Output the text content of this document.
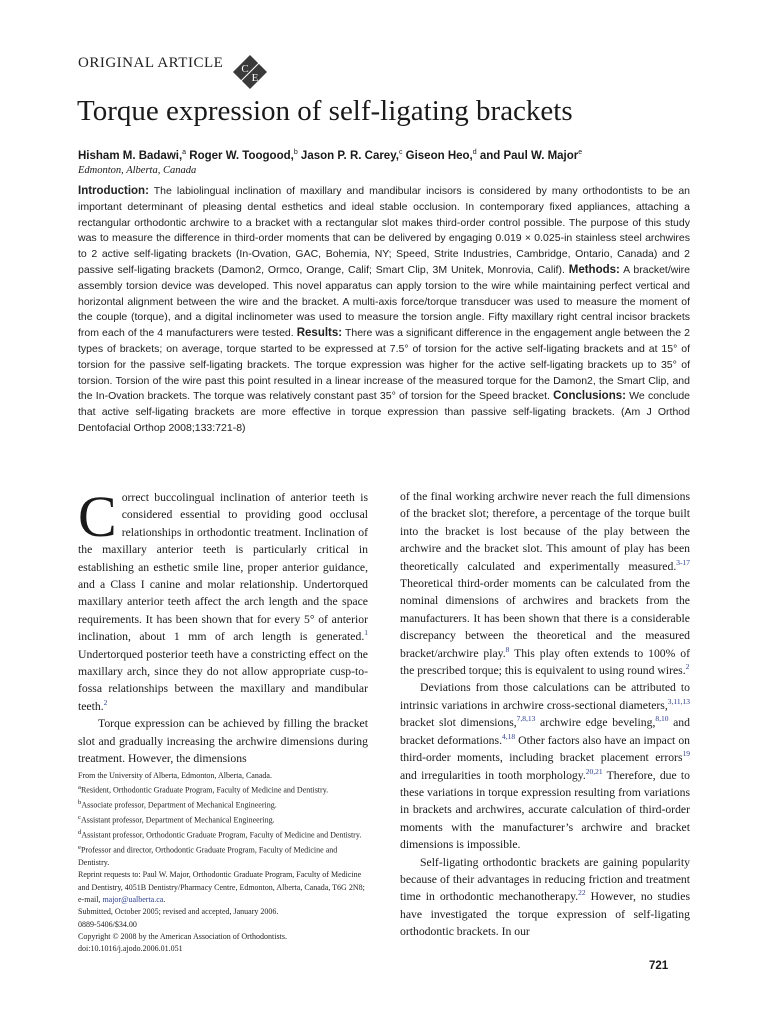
ORIGINAL ARTICLE C
E
Torque expression of self-ligating brackets
Hisham M. Badawi,$^a$ Roger W. Toogood,$^b$ Jason P. R. Carey,$^c$ Giseon Heo,$^d$ and Paul W. Major$^e$
Edmonton, Alberta, Canada

Introduction: The labiolingual inclination of maxillary and mandibular incisors is considered by many orthodontists to be an important determinant of pleasing dental esthetics and ideal stable occlusion. In contemporary fixed appliances, attaching a rectangular orthodontic archwire to a bracket with a rectangular slot makes third-order control possible. The purpose of this study was to measure the difference in third-order moments that can be delivered by engaging 0.019 × 0.025-in stainless steel archwires to 2 active self-ligating brackets (In-Ovation, GAC, Bohemia, NY; Speed, Strite Industries, Cambridge, Ontario, Canada) and 2 passive self-ligating brackets (Damon2, Ormco, Orange, Calif; Smart Clip, 3M Unitek, Monrovia, Calif). Methods: A bracket/wire assembly torsion device was developed. This novel apparatus can apply torsion to the wire while maintaining perfect vertical and horizontal alignment between the wire and the bracket. A multi-axis force/torque transducer was used to measure the moment of the couple (torque), and a digital inclinometer was used to measure the torsion angle. Fifty maxillary right central incisor brackets from each of the 4 manufacturers were tested. Results: There was a significant difference in the engagement angle between the 2 types of brackets; on average, torque started to be expressed at 7.5° of torsion for the active self-ligating brackets and at 15° of torsion for the passive self-ligating brackets. The torque expression was higher for the active self-ligating brackets up to 35° of torsion. Torsion of the wire past this point resulted in a linear increase of the measured torque for the Damon2, the Smart Clip, and the In-Ovation brackets. The torque was relatively constant past 35° of torsion for the Speed bracket. Conclusions: We conclude that active self-ligating brackets are more effective in torque expression than passive self-ligating brackets. (Am J Orthod Dentofacial Orthop 2008;133:721-8)

Correct buccolingual inclination of anterior teeth is considered essential to providing good occlusal relationships in orthodontic treatment. Inclination of the maxillary anterior teeth is particularly critical in establishing an esthetic smile line, proper anterior guidance, and a Class I canine and molar relationship. Undertorqued maxillary anterior teeth affect the arch length and the space requirements. It has been shown that for every 5° of anterior inclination, about 1 mm of arch length is generated.$^1$ Undertorqued posterior teeth have a constricting effect on the maxillary arch, since they do not allow appropriate cusp-to-fossa relationships between the maxillary and mandibular teeth.$^2$

Torque expression can be achieved by filling the bracket slot and gradually increasing the archwire dimensions during treatment. However, the dimensions

From the University of Alberta, Edmonton, Alberta, Canada.
$^a$Resident, Orthodontic Graduate Program, Faculty of Medicine and Dentistry.
$^b$Associate professor, Department of Mechanical Engineering.
$^c$Assistant professor, Department of Mechanical Engineering.
$^d$Assistant professor, Orthodontic Graduate Program, Faculty of Medicine and Dentistry.
$^e$Professor and director, Orthodontic Graduate Program, Faculty of Medicine and Dentistry.
Reprint requests to: Paul W. Major, Orthodontic Graduate Program, Faculty of Medicine and Dentistry, 4051B Dentistry/Pharmacy Centre, Edmonton, Alberta, Canada, T6G 2N8; e-mail, major@ualberta.ca.
Submitted, October 2005; revised and accepted, January 2006.
0889-5406/$34.00
Copyright © 2008 by the American Association of Orthodontists.
doi:10.1016/j.ajodo.2006.01.051

of the final working archwire never reach the full dimensions of the bracket slot; therefore, a percentage of the torque built into the bracket is lost because of the play between the archwire and the bracket slot. This amount of play has been theoretically calculated and experimentally measured.$^{3-17}$ Theoretical third-order moments can be calculated from the nominal dimensions of archwires and brackets from the manufacturers. It has been shown that there is a considerable discrepancy between the theoretical and the measured bracket/archwire play.$^8$ This play often extends to 100% of the prescribed torque; this is equivalent to using round wires.$^2$

Deviations from those calculations can be attributed to intrinsic variations in archwire cross-sectional diameters,$^{3,11,13}$ bracket slot dimensions,$^{7,8,13}$ archwire edge beveling,$^{8,10}$ and bracket deformations.$^{4,18}$ Other factors also have an impact on third-order moments, including bracket placement errors$^{19}$ and irregularities in tooth morphology.$^{20,21}$ Therefore, due to these variations in torque expression resulting from variations in brackets and archwires, accurate calculation of third-order moments with the manufacturer’s archwire and bracket dimensions is impossible.

Self-ligating orthodontic brackets are gaining popularity because of their advantages in reducing friction and treatment time in orthodontic mechanotherapy.$^{22}$ However, no studies have investigated the torque expression of self-ligating orthodontic brackets. In our

721
